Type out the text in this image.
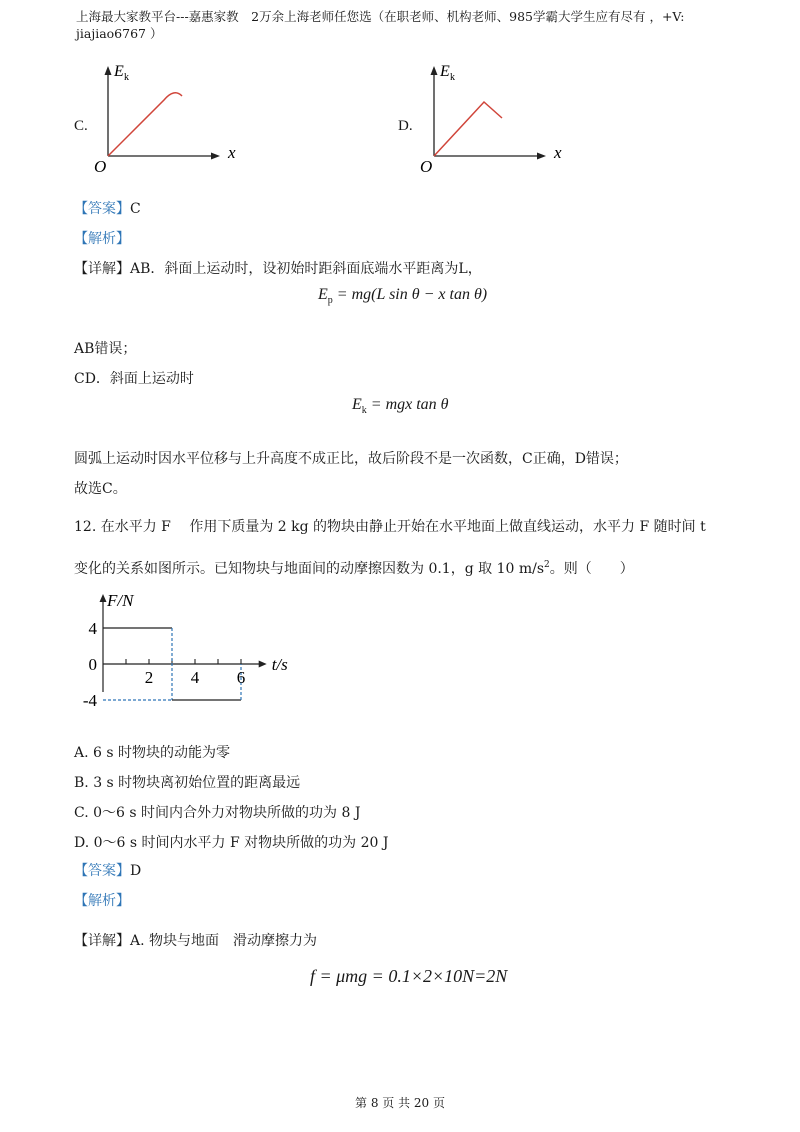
上海最大家教平台---嘉惠家教　2万余上海老师任您选（在职老师、机构老师、985学霸大学生应有尽有 ，+V: jiajiao6767 ）
C.
E k
x
O
D.
E k
x
O
【答案】C
【解析】
【详解】AB．斜面上运动时，设初始时距斜面底端水平距离为L，
$E_p = mg(L$ sin θ − x tan θ)
AB错误；
CD．斜面上运动时
$E_k$ = mgx tan θ
圆弧上运动时因水平位移与上升高度不成正比，故后阶段不是一次函数，C正确，D错误；
故选C。
12. 在水平力 F　 作用下质量为 2 kg 的物块由静止开始在水平地面上做直线运动，水平力 F 随时间 t
变化的关系如图所示。已知物块与地面间的动摩擦因数为 0.1，g 取 10 $m/s^2$。则（　　）
4
0
-4
2 4 6
t/s
F/N
A. 6 s 时物块的动能为零
B. 3 s 时物块离初始位置的距离最远
C. 0～6 s 时间内合外力对物块所做的功为 8 J
D. 0～6 s 时间内水平力 F 对物块所做的功为 20 J
【答案】D
【解析】
【详解】A. 物块与地面　滑动摩擦力为
f = μmg = 0.1×2×10N=2N
第 8 页 共 20 页
